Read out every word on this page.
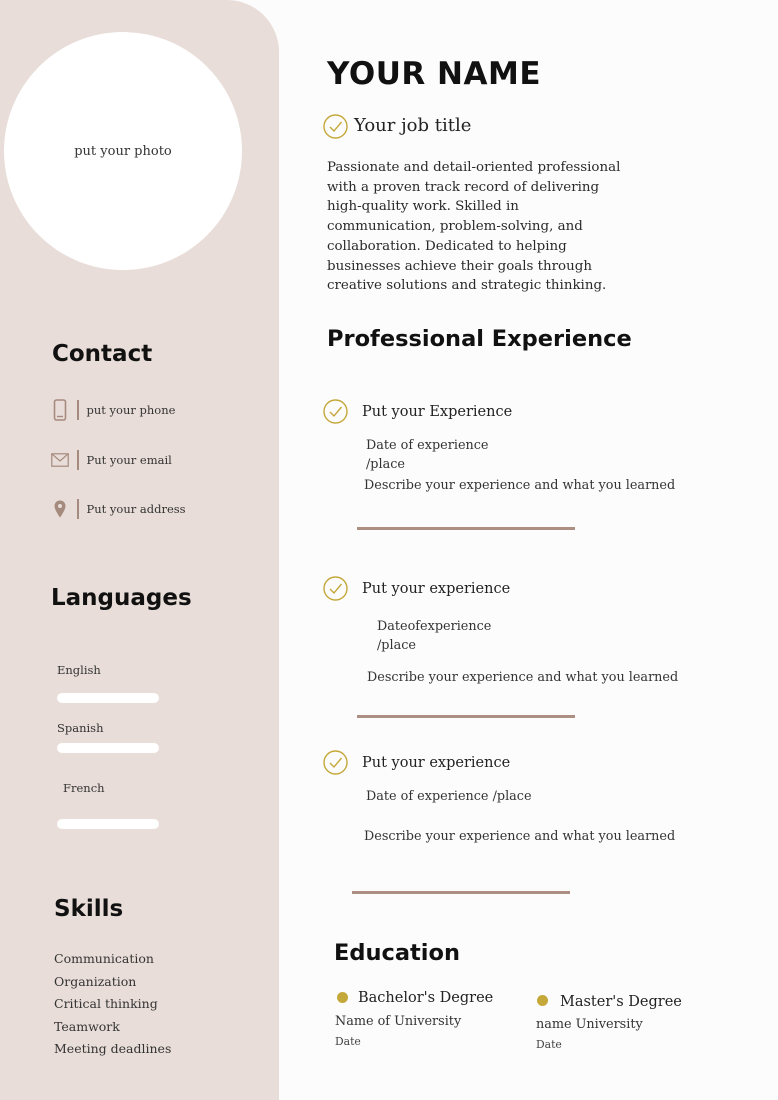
put your photo
Contact
put your phone
Put your email
Put your address
Languages
English
Spanish
French
Skills
Communication
Organization
Critical thinking
Teamwork
Meeting deadlines
YOUR NAME
Your job title

Passionate and detail-oriented professional with a proven track record of delivering high-quality work. Skilled in communication, problem-solving, and collaboration. Dedicated to helping businesses achieve their goals through creative solutions and strategic thinking.

Professional Experience
Put your Experience
Date of experience
/place
Describe your experience and what you learned
Put your experience
Dateofexperience
/place
Describe your experience and what you learned
Put your experience
Date of experience /place
Describe your experience and what you learned
Education
Bachelor's Degree
Name of University
Date
Master's Degree
name University
Date
